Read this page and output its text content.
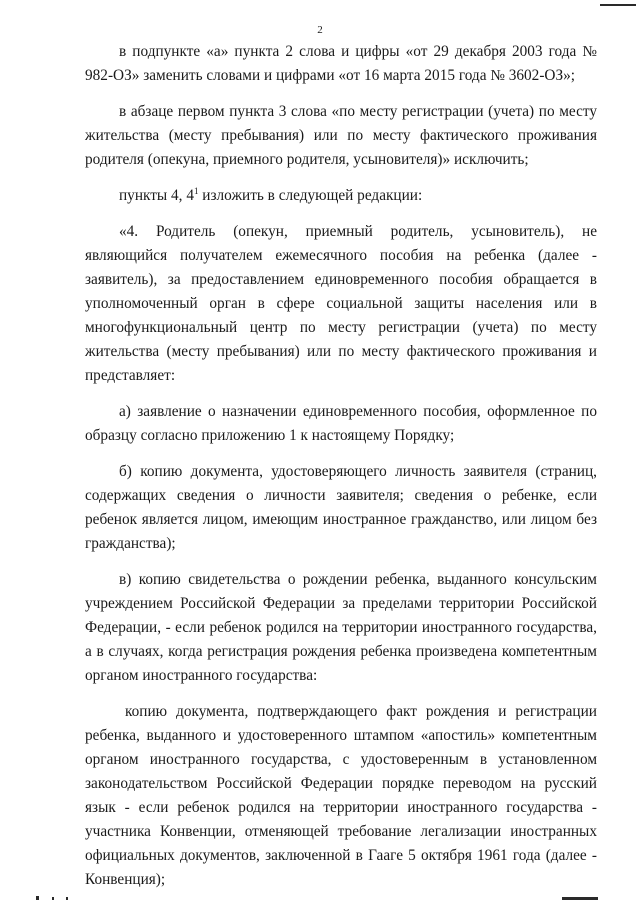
2

в подпункте «а» пункта 2 слова и цифры «от 29 декабря 2003 года № 982-ОЗ» заменить словами и цифрами «от 16 марта 2015 года № 3602-ОЗ»;

в абзаце первом пункта 3 слова «по месту регистрации (учета) по месту жительства (месту пребывания) или по месту фактического проживания родителя (опекуна, приемного родителя, усыновителя)» исключить;

пункты 4, $4^1$ изложить в следующей редакции:

«4. Родитель (опекун, приемный родитель, усыновитель), не являющийся получателем ежемесячного пособия на ребенка (далее - заявитель), за предоставлением единовременного пособия обращается в уполномоченный орган в сфере социальной защиты населения или в многофункциональный центр по месту регистрации (учета) по месту жительства (месту пребывания) или по месту фактического проживания и представляет:

а) заявление о назначении единовременного пособия, оформленное по образцу согласно приложению 1 к настоящему Порядку;

б) копию документа, удостоверяющего личность заявителя (страниц, содержащих сведения о личности заявителя; сведения о ребенке, если ребенок является лицом, имеющим иностранное гражданство, или лицом без гражданства);

в) копию свидетельства о рождении ребенка, выданного консульским учреждением Российской Федерации за пределами территории Российской Федерации, - если ребенок родился на территории иностранного государства, а в случаях, когда регистрация рождения ребенка произведена компетентным органом иностранного государства:

копию документа, подтверждающего факт рождения и регистрации ребенка, выданного и удостоверенного штампом «апостиль» компетентным органом иностранного государства, с удостоверенным в установленном законодательством Российской Федерации порядке переводом на русский язык - если ребенок родился на территории иностранного государства - участника Конвенции, отменяющей требование легализации иностранных официальных документов, заключенной в Гааге 5 октября 1961 года (далее - Конвенция);
